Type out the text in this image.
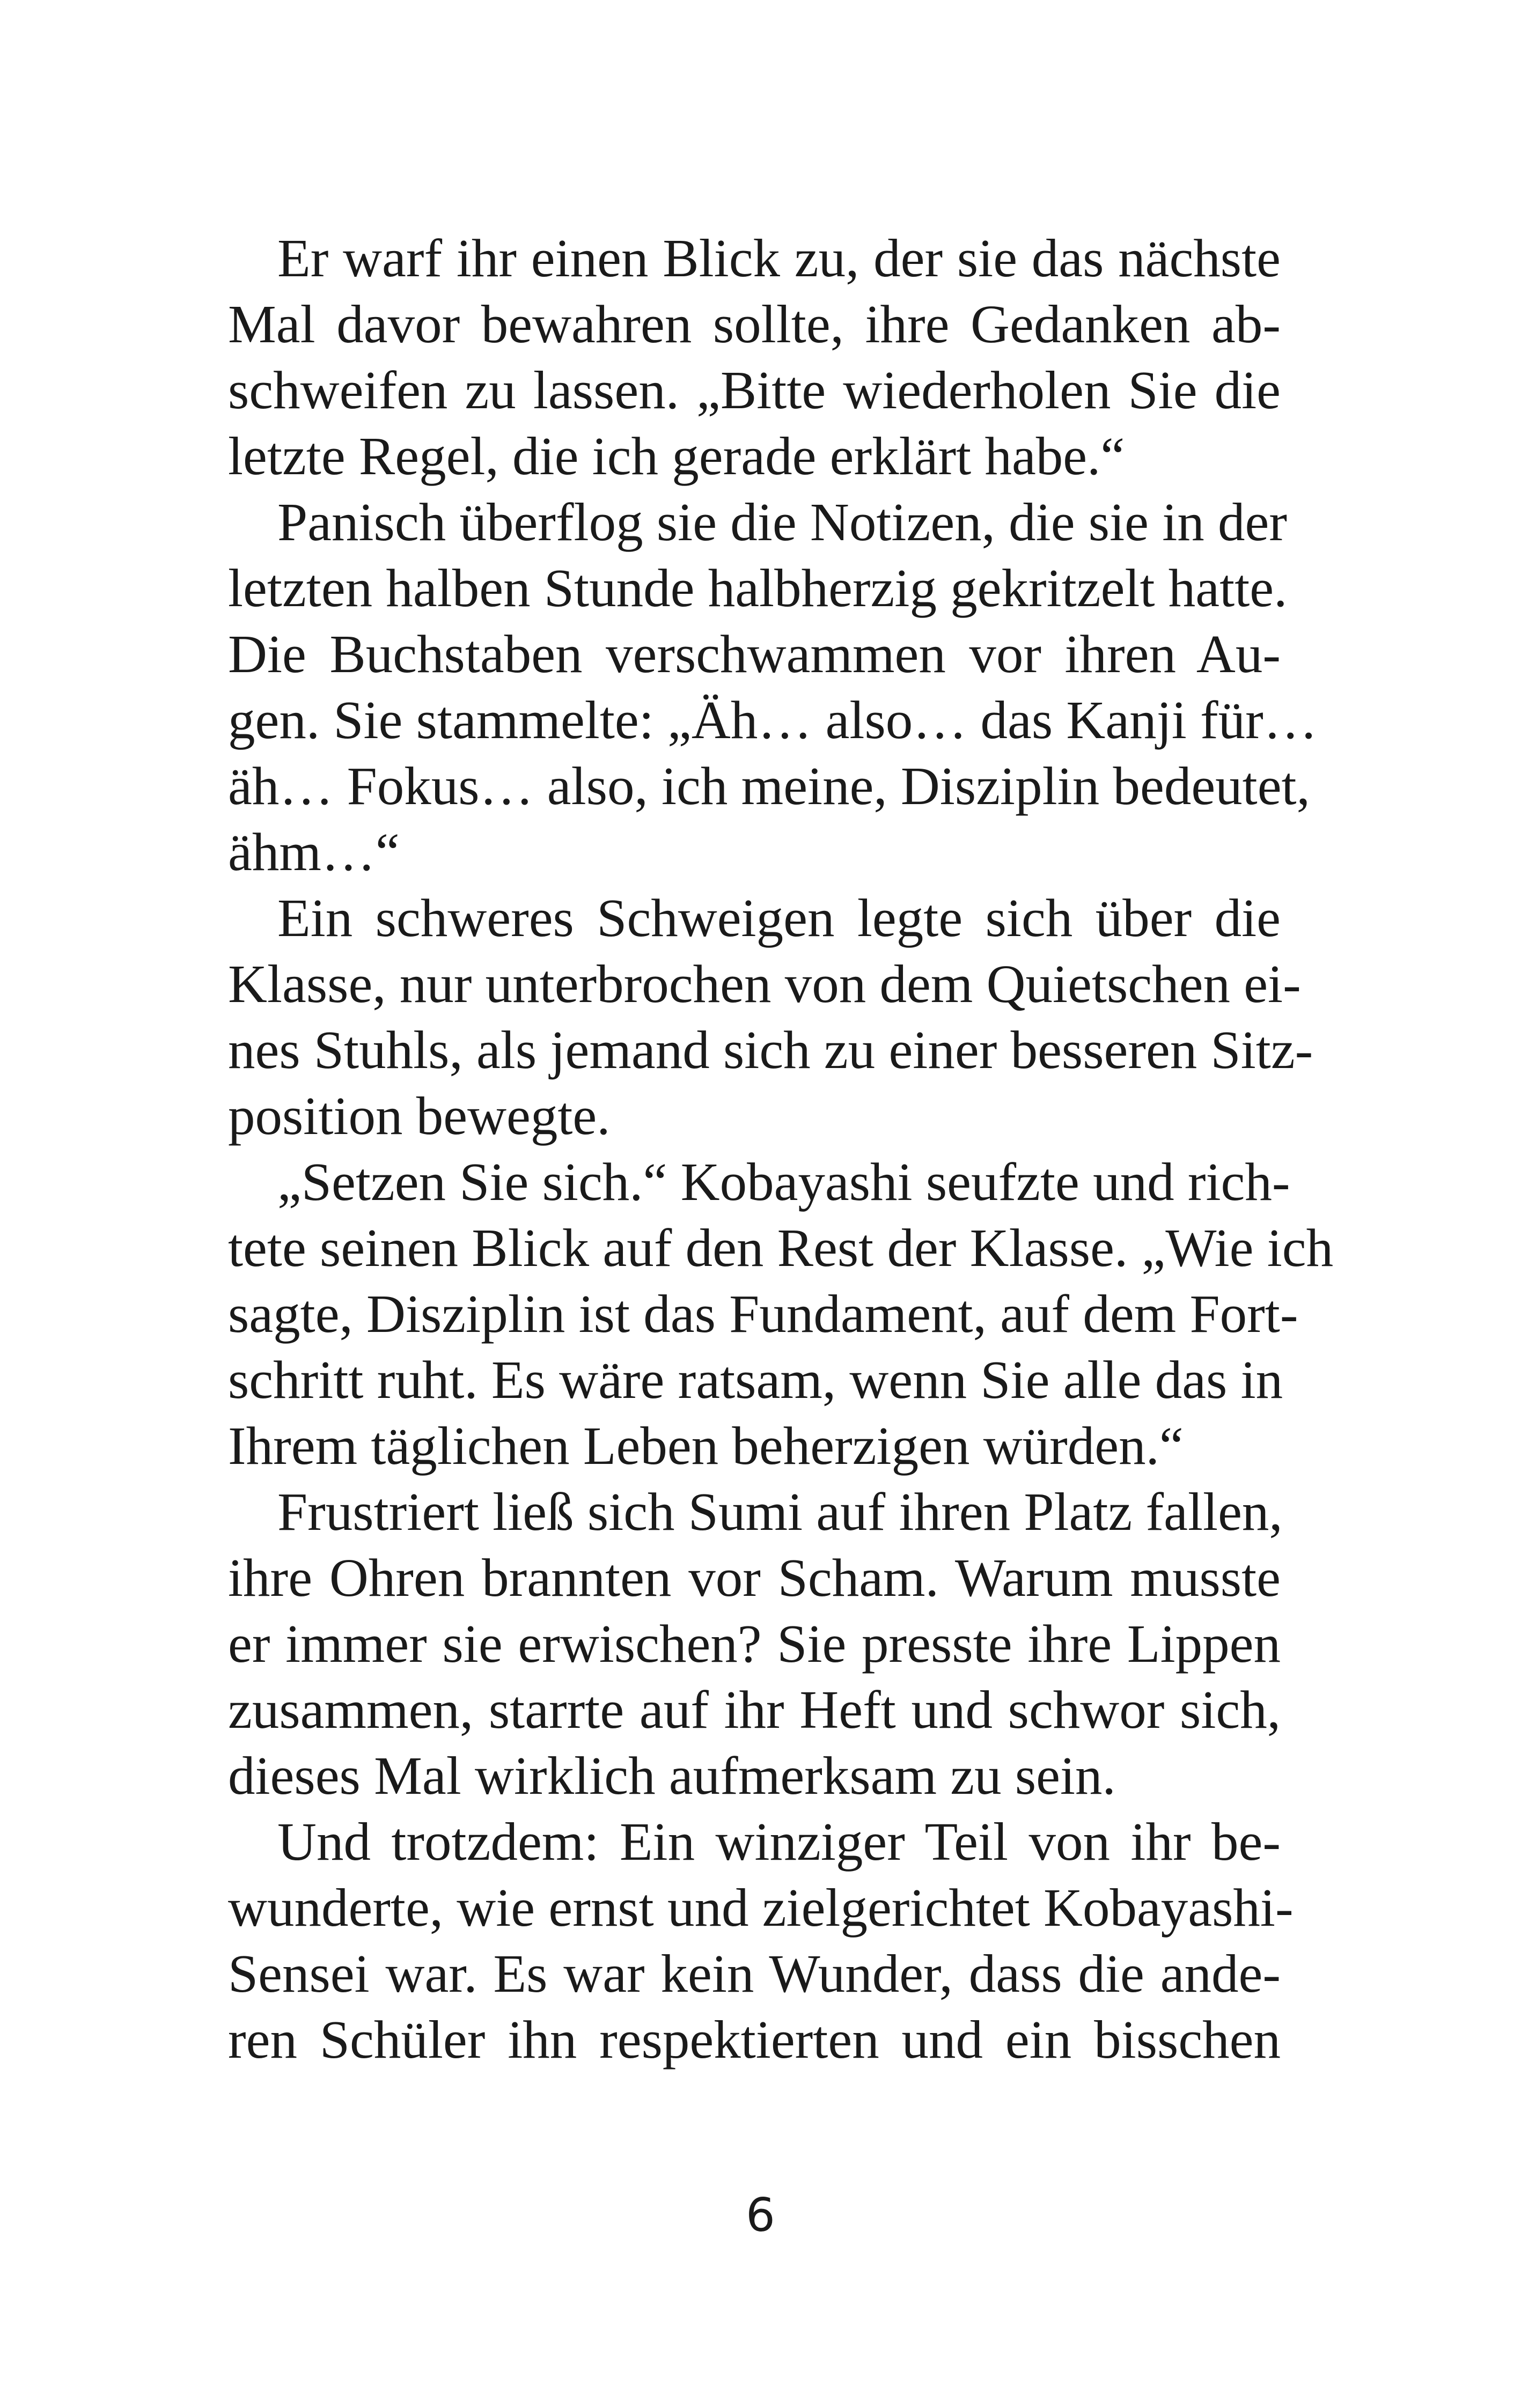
Er warf ihr einen Blick zu, der sie das nächste
Mal davor bewahren sollte, ihre Gedanken ab-
schweifen zu lassen. „Bitte wiederholen Sie die
letzte Regel, die ich gerade erklärt habe.“
Panisch überflog sie die Notizen, die sie in der
letzten halben Stunde halbherzig gekritzelt hatte.
Die Buchstaben verschwammen vor ihren Au-
gen. Sie stammelte: „Äh… also… das Kanji für…
äh… Fokus… also, ich meine, Disziplin bedeutet,
ähm…“
Ein schweres Schweigen legte sich über die
Klasse, nur unterbrochen von dem Quietschen ei-
nes Stuhls, als jemand sich zu einer besseren Sitz-
position bewegte.
„Setzen Sie sich.“ Kobayashi seufzte und rich-
tete seinen Blick auf den Rest der Klasse. „Wie ich
sagte, Disziplin ist das Fundament, auf dem Fort-
schritt ruht. Es wäre ratsam, wenn Sie alle das in
Ihrem täglichen Leben beherzigen würden.“
Frustriert ließ sich Sumi auf ihren Platz fallen,
ihre Ohren brannten vor Scham. Warum musste
er immer sie erwischen? Sie presste ihre Lippen
zusammen, starrte auf ihr Heft und schwor sich,
dieses Mal wirklich aufmerksam zu sein.
Und trotzdem: Ein winziger Teil von ihr be-
wunderte, wie ernst und zielgerichtet Kobayashi-
Sensei war. Es war kein Wunder, dass die ande-
ren Schüler ihn respektierten und ein bisschen
6
